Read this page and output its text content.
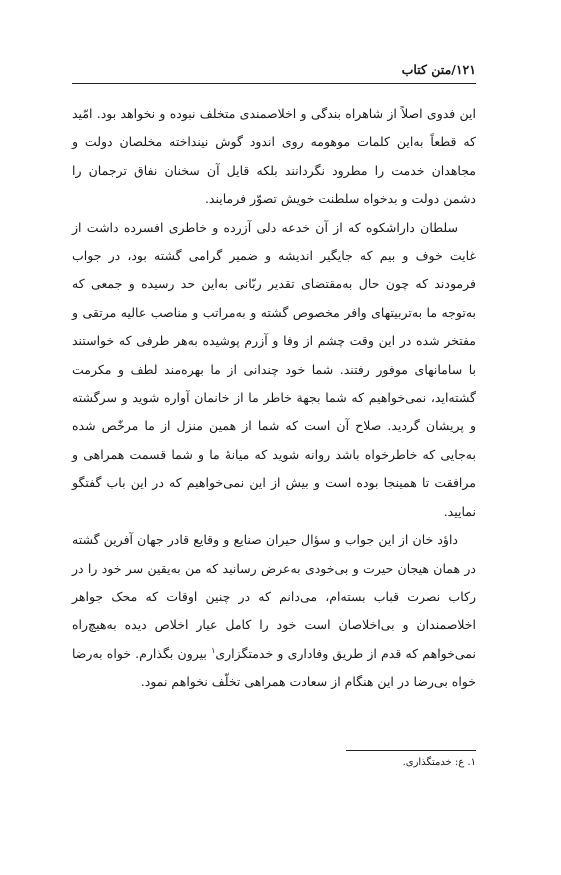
۱۲۱/متن کتاب

این فدوی اصلاً از شاهراه بندگی و اخلاصمندی متخلف نبوده و نخواهد بود. امّید که قطعاً به‌این کلمات موهومه روی اندود گوش نینداخته مخلصان دولت و مجاهدان خدمت را مطرود نگردانند بلکه قایل آن سخنان نفاق ترجمان را دشمن دولت و بدخواه سلطنت خویش تصوّر فرمایند.

سلطان داراشکوه که از آن خدعه دلی آزرده و خاطری افسرده داشت از غایت خوف و بیم که جایگیر اندیشه و ضمیر گرامی گشته بود، در جواب فرمودند که چون حال به‌مقتضای تقدیر ربّانی به‌این حد رسیده و جمعی که به‌توجه ما به‌تربیتهای وافر مخصوص گشته و به‌مراتب و مناصب عالیه مرتقی و مفتخر شده در این وقت چشم از وفا و آزرم پوشیده به‌هر طرفی که خواستند با سامانهای موفور رفتند. شما خود چندانی از ما بهره‌مند لطف و مکرمت گشته‌اید، نمی‌خواهیم که شما بجهة خاطر ما از خانمان آواره شوید و سرگشته و پریشان گردید. صلاح آن است که شما از همین منزل از ما مرخّص شده به‌جایی که خاطرخواه باشد روانه شوید که میانهٔ ما و شما قسمت همراهی و مرافقت تا همینجا بوده است و بیش از این نمی‌خواهیم که در این باب گفتگو نمایید.

داؤد خان از این جواب و سؤال حیران صنایع و وقایع قادر جهان آفرین گشته در همان هیجان حیرت و بی‌خودی به‌عرض رسانید که من به‌یقین سر خود را در رکاب نصرت قباب بسته‌ام، می‌دانم که در چنین اوقات که محک جواهر اخلاصمندان و بی‌اخلاصان است خود را کامل عیار اخلاص دیده به‌هیچ‌راه نمی‌خواهم که قدم از طریق وفاداری و خدمتگزاری$^۱$ بیرون بگذارم. خواه به‌رضا خواه بی‌رضا در این هنگام از سعادت همراهی تخلّف نخواهم نمود.

۱. ع: خدمتگذاری.
